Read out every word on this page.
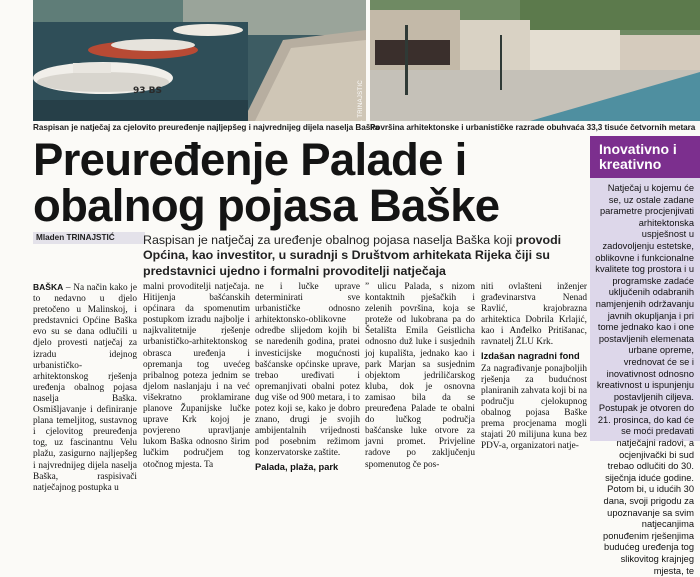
93 BS	M. TRINAJSTIĆ
Raspisan je natječaj za cjelovito preuređenje najljepšeg i najvrednijeg dijela naselja Baška
Površina arhitektonske i urbanističke razrade obuhvaća 33,3 tisuće četvornih metara
Preuređenje Palade i
obalnog pojasa Baške
Inovativno i kreativno
Natječaj u kojemu će se, uz ostale zadane parametre procjenjivati arhitektonska uspješnost u zadovoljenju estetske, oblikovne i funkcionalne kvalitete tog prostora i u programske zadaće uključenih odabranih namjenjenih održavanju javnih okupljanja i pri tome jednako kao i one postavljenih elemenata urbane opreme, vrednovat će se i inovativnost odnosno kreativnost u ispunjenju postavljenih ciljeva. Postupak je otvoren do 21. prosinca, do kad će se moći predavati natječajni radovi, a ocjenjivački bi sud trebao odlučiti do 30. siječnja iduće godine. Potom bi, u idućih 30 dana, svoji prigodu za upoznavanje sa svim natjecanjima ponuđenim rješenjima budućeg uređenja tog slikovitog krajnjeg mjesta, te
Mladen TRINAJSTIĆ	Raspisan je natječaj za uređenje obalnog pojasa naselja Baška koji provodi Općina, kao investitor, u suradnji s Društvom arhitekata Rijeka čiji su predstavnici ujedno i formalni provoditelji natječaja

BAŠKA – Na način kako je to nedavno u djelo pretočeno u Malinskoj, i predstavnici Općine Baška evo su se dana odlučili u djelo provesti natječaj za izradu idejnog urbanističko-arhitektonskog rješenja uređenja obalnog pojasa naselja Baška. Osmišljavanje i definiranje plana temeljitog, sustavnog i cjelovitog preuređenja tog, uz fascinantnu Velu plažu, zasigurno najljepšeg i najvrednijeg dijela naselja Baška, raspisivači natječajnog postupka u

malni provoditelji natječaja. Hitijenja bašćanskih općinara da spomenutim postupkom izradu najbolje i najkvalitetnije rješenje urbanističko-arhitektonskog obrasca uređenja i opremanja tog uvećeg pribalnog poteza jednim se djelom naslanjaju i na već višekratno proklamirane planove Županijske lučke uprave Krk kojoj je povjereno upravljanje lukom Baška odnosno širim lučkim područjem tog otočnog mjesta. Ta

ne i lučke uprave determinirati sve urbanističke odnosno arhitektonsko-oblikovne odredbe slijedom kojih bi se naredenih godina, pratei investicijske mogućnosti bašćanske općinske uprave, trebao uređivati i opremanjivati obalni potez dug više od 900 metara, i to potez koji se, kako je dobro znano, drugi je svojih ambijentalnih vrijednosti pod posebnim režimom konzervatorske zaštite.

Palada, plaža, park

” ulicu Palada, s nizom kontaktnih pješačkih i zelenih površina, koja se proteže od lukobrana pa do Šetališta Emila Geistlicha odnosno duž luke i susjednih joj kupališta, jednako kao i park Marjan sa susjednim objektom jedriličarskog kluba, dok je osnovna zamisao bila da se preuređena Palade te obalni do lučkog područja bašćanske luke otvore za javni promet. Privjeline radove po zaključenju spomenutog če pos-

niti ovlašteni inženjer građevinarstva Nenad Ravlić, krajobrazna arhitektica Dobrila Krlajić, kao i Anđelko Pritišanac, ravnatelj ŽLU Krk.

Izdašan nagradni fond

Za nagrađivanje ponajboljih rješenja za budućnost planiranih zahvata koji bi na području cjelokupnog obalnog pojasa Baške prema procjenama mogli stajati 20 milijuna kuna bez PDV-a, organizatori natje-
